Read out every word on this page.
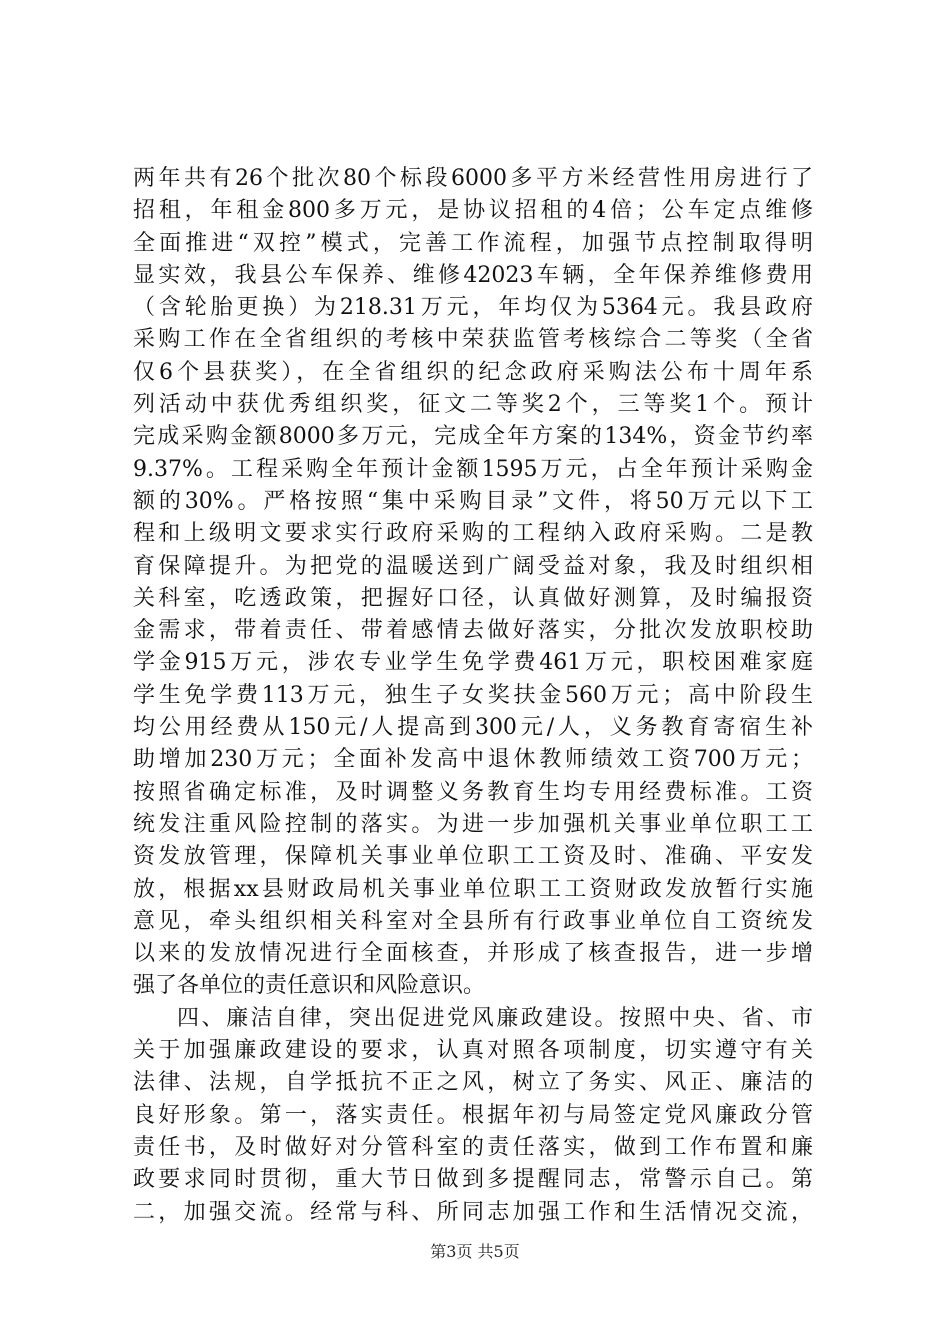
两年共有26个批次80个标段6000多平方米经营性用房进行了
招租，年租金800多万元，是协议招租的4倍；公车定点维修
全面推进“双控”模式，完善工作流程，加强节点控制取得明
显实效，我县公车保养、维修42023车辆，全年保养维修费用
（含轮胎更换）为218.31万元，年均仅为5364元。我县政府
采购工作在全省组织的考核中荣获监管考核综合二等奖（全省
仅6个县获奖），在全省组织的纪念政府采购法公布十周年系
列活动中获优秀组织奖，征文二等奖2个，三等奖1个。预计
完成采购金额8000多万元，完成全年方案的134%，资金节约率
9.37%。工程采购全年预计金额1595万元，占全年预计采购金
额的30%。严格按照“集中采购目录”文件，将50万元以下工
程和上级明文要求实行政府采购的工程纳入政府采购。二是教
育保障提升。为把党的温暖送到广阔受益对象，我及时组织相
关科室，吃透政策，把握好口径，认真做好测算，及时编报资
金需求，带着责任、带着感情去做好落实，分批次发放职校助
学金915万元，涉农专业学生免学费461万元，职校困难家庭
学生免学费113万元，独生子女奖扶金560万元；高中阶段生
均公用经费从150元/人提高到300元/人，义务教育寄宿生补
助增加230万元；全面补发高中退休教师绩效工资700万元；
按照省确定标准，及时调整义务教育生均专用经费标准。工资
统发注重风险控制的落实。为进一步加强机关事业单位职工工
资发放管理，保障机关事业单位职工工资及时、准确、平安发
放，根据xx县财政局机关事业单位职工工资财政发放暂行实施
意见，牵头组织相关科室对全县所有行政事业单位自工资统发
以来的发放情况进行全面核查，并形成了核查报告，进一步增
强了各单位的责任意识和风险意识。
四、廉洁自律，突出促进党风廉政建设。按照中央、省、市
关于加强廉政建设的要求，认真对照各项制度，切实遵守有关
法律、法规，自学抵抗不正之风，树立了务实、风正、廉洁的
良好形象。第一，落实责任。根据年初与局签定党风廉政分管
责任书，及时做好对分管科室的责任落实，做到工作布置和廉
政要求同时贯彻，重大节日做到多提醒同志，常警示自己。第
二，加强交流。经常与科、所同志加强工作和生活情况交流，
第3页 共5页
